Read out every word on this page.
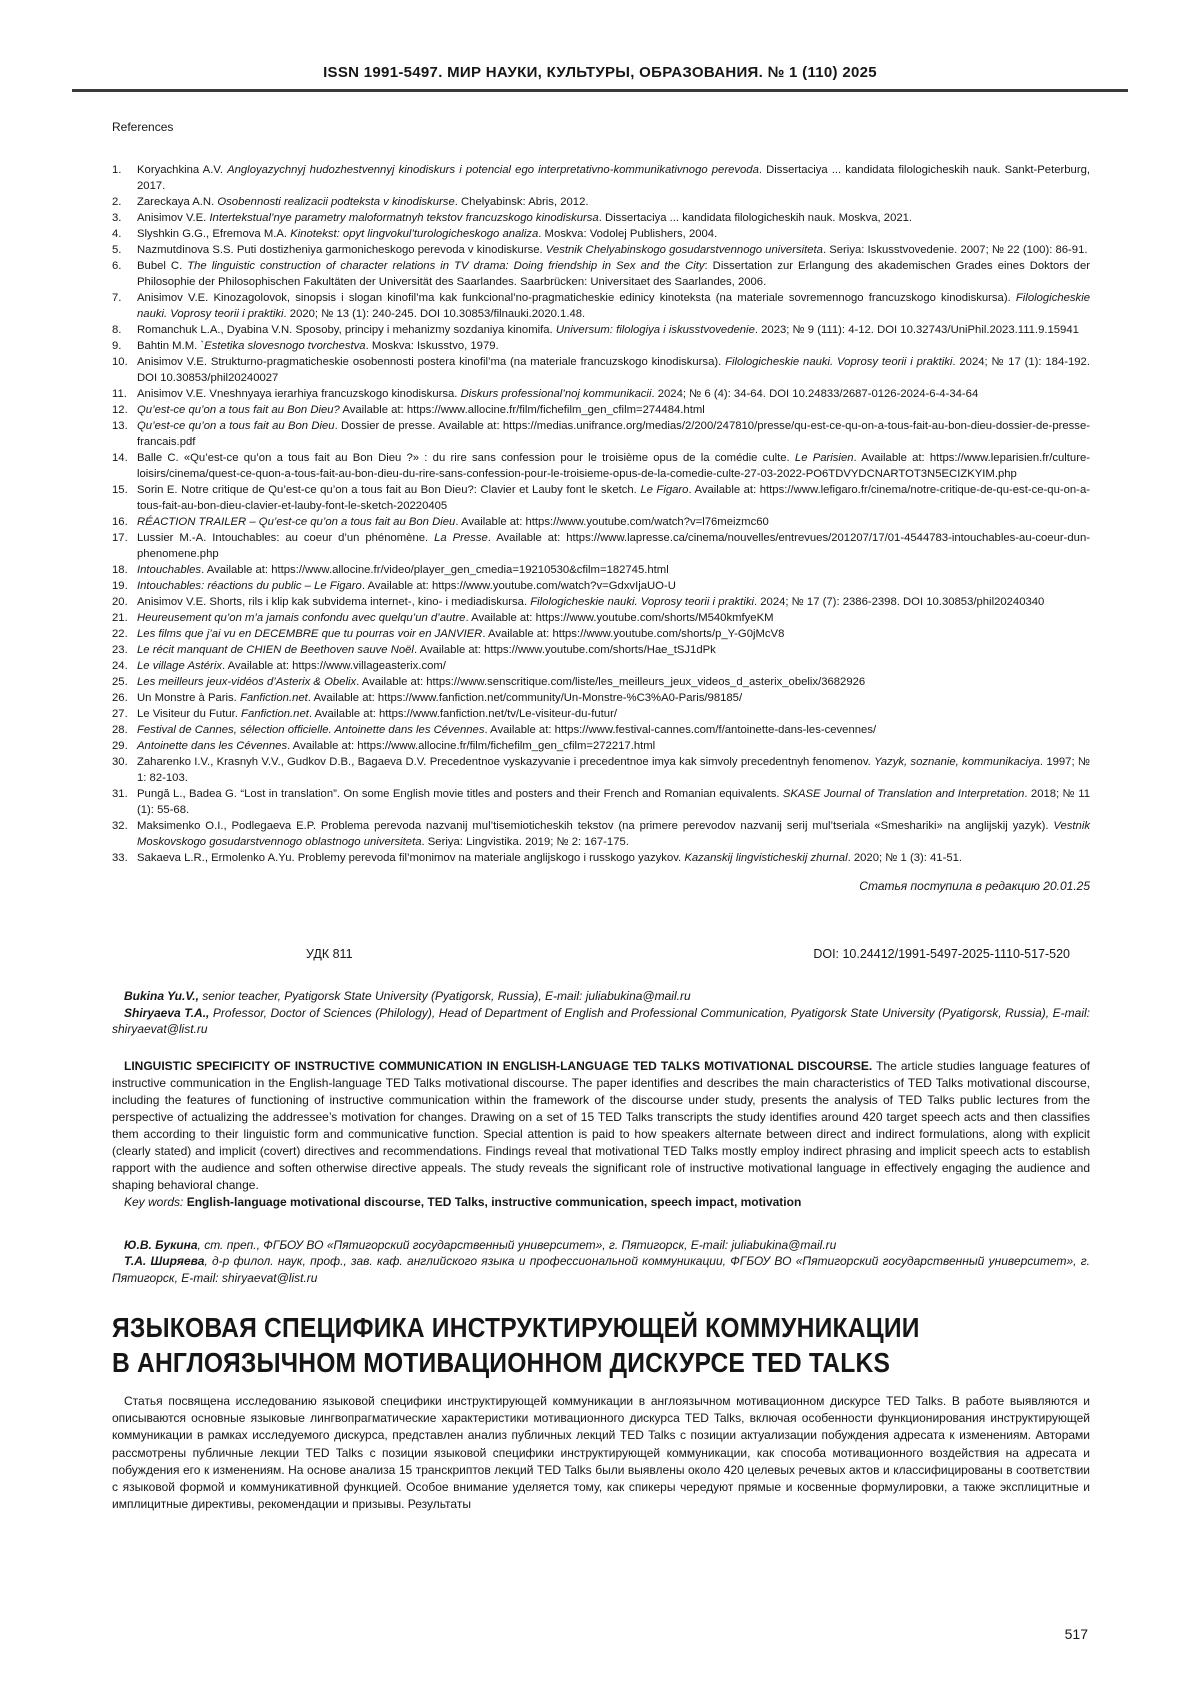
ISSN 1991-5497. МИР НАУКИ, КУЛЬТУРЫ, ОБРАЗОВАНИЯ. № 1 (110) 2025
References
1. Koryachkina A.V. Angloyazychnyj hudozhestvennyj kinodiskurs i potencial ego interpretativno-kommunikativnogo perevoda. Dissertaciya ... kandidata filologicheskih nauk. Sankt-Peterburg, 2017.
2. Zareckaya A.N. Osobennosti realizacii podteksta v kinodiskurse. Chelyabinsk: Abris, 2012.
3. Anisimov V.E. Intertekstual’nye parametry maloformatnyh tekstov francuzskogo kinodiskursa. Dissertaciya ... kandidata filologicheskih nauk. Moskva, 2021.
4. Slyshkin G.G., Efremova M.A. Kinotekst: opyt lingvokul’turologicheskogo analiza. Moskva: Vodolej Publishers, 2004.
5. Nazmutdinova S.S. Puti dostizheniya garmonicheskogo perevoda v kinodiskurse. Vestnik Chelyabinskogo gosudarstvennogo universiteta. Seriya: Iskusstvovedenie. 2007; № 22 (100): 86-91.
6. Bubel C. The linguistic construction of character relations in TV drama: Doing friendship in Sex and the City: Dissertation zur Erlangung des akademischen Grades eines Doktors der Philosophie der Philosophischen Fakultäten der Universität des Saarlandes. Saarbrücken: Universitaet des Saarlandes, 2006.
7. Anisimov V.E. Kinozagolovok, sinopsis i slogan kinofil’ma kak funkcional’no-pragmaticheskie edinicy kinoteksta (na materiale sovremennogo francuzskogo kinodiskursa). Filologicheskie nauki. Voprosy teorii i praktiki. 2020; № 13 (1): 240-245. DOI 10.30853/filnauki.2020.1.48.
8. Romanchuk L.A., Dyabina V.N. Sposoby, principy i mehanizmy sozdaniya kinomifa. Universum: filologiya i iskusstvovedenie. 2023; № 9 (111): 4-12. DOI 10.32743/UniPhil.2023.111.9.15941
9. Bahtin M.M. `Estetika slovesnogo tvorchestva. Moskva: Iskusstvo, 1979.
10. Anisimov V.E. Strukturno-pragmaticheskie osobennosti postera kinofil’ma (na materiale francuzskogo kinodiskursa). Filologicheskie nauki. Voprosy teorii i praktiki. 2024; № 17 (1): 184-192. DOI 10.30853/phil20240027
11. Anisimov V.E. Vneshnyaya ierarhiya francuzskogo kinodiskursa. Diskurs professional’noj kommunikacii. 2024; № 6 (4): 34-64. DOI 10.24833/2687-0126-2024-6-4-34-64
12. Qu’est-ce qu’on a tous fait au Bon Dieu? Available at: https://www.allocine.fr/film/fichefilm_gen_cfilm=274484.html
13. Qu’est-ce qu’on a tous fait au Bon Dieu. Dossier de presse. Available at: https://medias.unifrance.org/medias/2/200/247810/presse/qu-est-ce-qu-on-a-tous-fait-au-bon-dieu-dossier-de-presse-francais.pdf
14. Balle C. «Qu’est-ce qu’on a tous fait au Bon Dieu ?» : du rire sans confession pour le troisième opus de la comédie culte. Le Parisien. Available at: https://www.leparisien.fr/culture-loisirs/cinema/quest-ce-quon-a-tous-fait-au-bon-dieu-du-rire-sans-confession-pour-le-troisieme-opus-de-la-comedie-culte-27-03-2022-PO6TDVYDCNARTOT3N5ECIZKYIM.php
15. Sorin E. Notre critique de Qu’est-ce qu’on a tous fait au Bon Dieu?: Clavier et Lauby font le sketch. Le Figaro. Available at: https://www.lefigaro.fr/cinema/notre-critique-de-qu-est-ce-qu-on-a-tous-fait-au-bon-dieu-clavier-et-lauby-font-le-sketch-20220405
16. RÉACTION TRAILER – Qu’est-ce qu’on a tous fait au Bon Dieu. Available at: https://www.youtube.com/watch?v=l76meizmc60
17. Lussier M.-A. Intouchables: au coeur d’un phénomène. La Presse. Available at: https://www.lapresse.ca/cinema/nouvelles/entrevues/201207/17/01-4544783-intouchables-au-coeur-dun-phenomene.php
18. Intouchables. Available at: https://www.allocine.fr/video/player_gen_cmedia=19210530&cfilm=182745.html
19. Intouchables: réactions du public – Le Figaro. Available at: https://www.youtube.com/watch?v=GdxvIjaUO-U
20. Anisimov V.E. Shorts, rils i klip kak subvidema internet-, kino- i mediadiskursa. Filologicheskie nauki. Voprosy teorii i praktiki. 2024; № 17 (7): 2386-2398. DOI 10.30853/phil20240340
21. Heureusement qu’on m’a jamais confondu avec quelqu’un d’autre. Available at: https://www.youtube.com/shorts/M540kmfyeKM
22. Les films que j’ai vu en DECEMBRE que tu pourras voir en JANVIER. Available at: https://www.youtube.com/shorts/p_Y-G0jMcV8
23. Le récit manquant de CHIEN de Beethoven sauve Noël. Available at: https://www.youtube.com/shorts/Hae_tSJ1dPk
24. Le village Astérix. Available at: https://www.villageasterix.com/
25. Les meilleurs jeux-vidéos d’Asterix & Obelix. Available at: https://www.senscritique.com/liste/les_meilleurs_jeux_videos_d_asterix_obelix/3682926
26. Un Monstre à Paris. Fanfiction.net. Available at: https://www.fanfiction.net/community/Un-Monstre-%C3%A0-Paris/98185/
27. Le Visiteur du Futur. Fanfiction.net. Available at: https://www.fanfiction.net/tv/Le-visiteur-du-futur/
28. Festival de Cannes, sélection officielle. Antoinette dans les Cévennes. Available at: https://www.festival-cannes.com/f/antoinette-dans-les-cevennes/
29. Antoinette dans les Cévennes. Available at: https://www.allocine.fr/film/fichefilm_gen_cfilm=272217.html
30. Zaharenko I.V., Krasnyh V.V., Gudkov D.B., Bagaeva D.V. Precedentnoe vyskazyvanie i precedentnoe imya kak simvoly precedentnyh fenomenov. Yazyk, soznanie, kommunikaciya. 1997; № 1: 82-103.
31. Pungă L., Badea G. “Lost in translation”. On some English movie titles and posters and their French and Romanian equivalents. SKASE Journal of Translation and Interpretation. 2018; № 11 (1): 55-68.
32. Maksimenko O.I., Podlegaeva E.P. Problema perevoda nazvanij mul’tisemioticheskih tekstov (na primere perevodov nazvanij serij mul’tseriala «Smeshariki» na anglijskij yazyk). Vestnik Moskovskogo gosudarstvennogo oblastnogo universiteta. Seriya: Lingvistika. 2019; № 2: 167-175.
33. Sakaeva L.R., Ermolenko A.Yu. Problemy perevoda fil’monimov na materiale anglijskogo i russkogo yazykov. Kazanskij lingvisticheskij zhurnal. 2020; № 1 (3): 41-51.
Статья поступила в редакцию 20.01.25
УДК 811	DOI: 10.24412/1991-5497-2025-1110-517-520
Bukina Yu.V., senior teacher, Pyatigorsk State University (Pyatigorsk, Russia), E-mail: juliabukina@mail.ru
Shiryaeva T.A., Professor, Doctor of Sciences (Philology), Head of Department of English and Professional Communication, Pyatigorsk State University (Pyatigorsk, Russia), E-mail: shiryaevat@list.ru

LINGUISTIC SPECIFICITY OF INSTRUCTIVE COMMUNICATION IN ENGLISH-LANGUAGE TED TALKS MOTIVATIONAL DISCOURSE. The article studies language features of instructive communication in the English-language TED Talks motivational discourse. The paper identifies and describes the main characteristics of TED Talks motivational discourse, including the features of functioning of instructive communication within the framework of the discourse under study, presents the analysis of TED Talks public lectures from the perspective of actualizing the addressee’s motivation for changes. Drawing on a set of 15 TED Talks transcripts the study identifies around 420 target speech acts and then classifies them according to their linguistic form and communicative function. Special attention is paid to how speakers alternate between direct and indirect formulations, along with explicit (clearly stated) and implicit (covert) directives and recommendations. Findings reveal that motivational TED Talks mostly employ indirect phrasing and implicit speech acts to establish rapport with the audience and soften otherwise directive appeals. The study reveals the significant role of instructive motivational language in effectively engaging the audience and shaping behavioral change.

Key words: English-language motivational discourse, TED Talks, instructive communication, speech impact, motivation

Ю.В. Букина, ст. преп., ФГБОУ ВО «Пятигорский государственный университет», г. Пятигорск, E-mail: juliabukina@mail.ru
Т.А. Ширяева, д-р филол. наук, проф., зав. каф. английского языка и профессиональной коммуникации, ФГБОУ ВО «Пятигорский государственный университет», г. Пятигорск, E-mail: shiryaevat@list.ru
ЯЗЫКОВАЯ СПЕЦИФИКА ИНСТРУКТИРУЮЩЕЙ КОММУНИКАЦИИ
В АНГЛОЯЗЫЧНОМ МОТИВАЦИОННОМ ДИСКУРСЕ TED TALKS

Статья посвящена исследованию языковой специфики инструктирующей коммуникации в англоязычном мотивационном дискурсе TED Talks. В работе выявляются и описываются основные языковые лингвопрагматические характеристики мотивационного дискурса TED Talks, включая особенности функционирования инструктирующей коммуникации в рамках исследуемого дискурса, представлен анализ публичных лекций TED Talks с позиции актуализации побуждения адресата к изменениям. Авторами рассмотрены публичные лекции TED Talks с позиции языковой специфики инструктирующей коммуникации, как способа мотивационного воздействия на адресата и побуждения его к изменениям. На основе анализа 15 транскриптов лекций TED Talks были выявлены около 420 целевых речевых актов и классифицированы в соответствии с языковой формой и коммуникативной функцией. Особое внимание уделяется тому, как спикеры чередуют прямые и косвенные формулировки, а также эксплицитные и имплицитные директивы, рекомендации и призывы. Результаты

517
